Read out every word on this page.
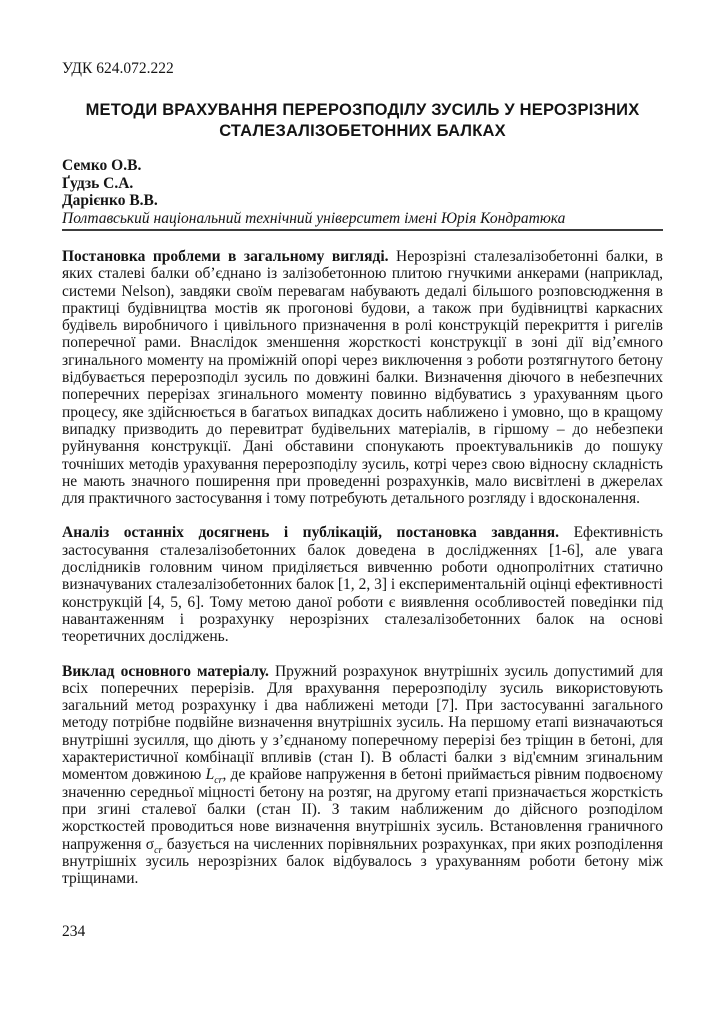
УДК 624.072.222
МЕТОДИ ВРАХУВАННЯ ПЕРЕРОЗПОДІЛУ ЗУСИЛЬ У НЕРОЗРІЗНИХ
СТАЛЕЗАЛІЗОБЕТОННИХ БАЛКАХ
Семко О.В.
Ґудзь С.А.
Дарієнко В.В.
Полтавський національний технічний університет імені Юрія Кондратюка

Постановка проблеми в загальному вигляді. Нерозрізні сталезалізобетонні балки, в яких сталеві балки об’єднано із залізобетонною плитою гнучкими анкерами (наприклад, системи Nelson), завдяки своїм перевагам набувають дедалі більшого розповсюдження в практиці будівництва мостів як прогонові будови, а також при будівництві каркасних будівель виробничого і цивільного призначення в ролі конструкцій перекриття і ригелів поперечної рами. Внаслідок зменшення жорсткості конструкції в зоні дії від’ємного згинального моменту на проміжній опорі через виключення з роботи розтягнутого бетону відбувається перерозподіл зусиль по довжині балки. Визначення діючого в небезпечних поперечних перерізах згинального моменту повинно відбуватись з урахуванням цього процесу, яке здійснюється в багатьох випадках досить наближено і умовно, що в кращому випадку призводить до перевитрат будівельних матеріалів, в гіршому – до небезпеки руйнування конструкції. Дані обставини спонукають проектувальників до пошуку точніших методів урахування перерозподілу зусиль, котрі через свою відносну складність не мають значного поширення при проведенні розрахунків, мало висвітлені в джерелах для практичного застосування і тому потребують детального розгляду і вдосконалення.

Аналіз останніх досягнень і публікацій, постановка завдання. Ефективність застосування сталезалізобетонних балок доведена в дослідженнях [1-6], але увага дослідників головним чином приділяється вивченню роботи однопролітних статично визначуваних сталезалізобетонних балок [1, 2, 3] і експериментальній оцінці ефективності конструкцій [4, 5, 6]. Тому метою даної роботи є виявлення особливостей поведінки під навантаженням і розрахунку нерозрізних сталезалізобетонних балок на основі теоретичних досліджень.

Виклад основного матеріалу. Пружний розрахунок внутрішніх зусиль допустимий для всіх поперечних перерізів. Для врахування перерозподілу зусиль використовують загальний метод розрахунку і два наближені методи [7]. При застосуванні загального методу потрібне подвійне визначення внутрішніх зусиль. На першому етапі визначаються внутрішні зусилля, що діють у з’єднаному поперечному перерізі без тріщин в бетоні, для характеристичної комбінації впливів (стан I). В області балки з від'ємним згинальним моментом довжиною $L_{cr}$, де крайове напруження в бетоні приймається рівним подвоєному значенню середньої міцності бетону на розтяг, на другому етапі призначається жорсткість при згині сталевої балки (стан II). З таким наближеним до дійсного розподілом жорсткостей проводиться нове визначення внутрішніх зусиль. Встановлення граничного напруження $\sigma_{cr}$ базується на численних порівняльних розрахунках, при яких розподілення внутрішніх зусиль нерозрізних балок відбувалось з урахуванням роботи бетону між тріщинами.

234
